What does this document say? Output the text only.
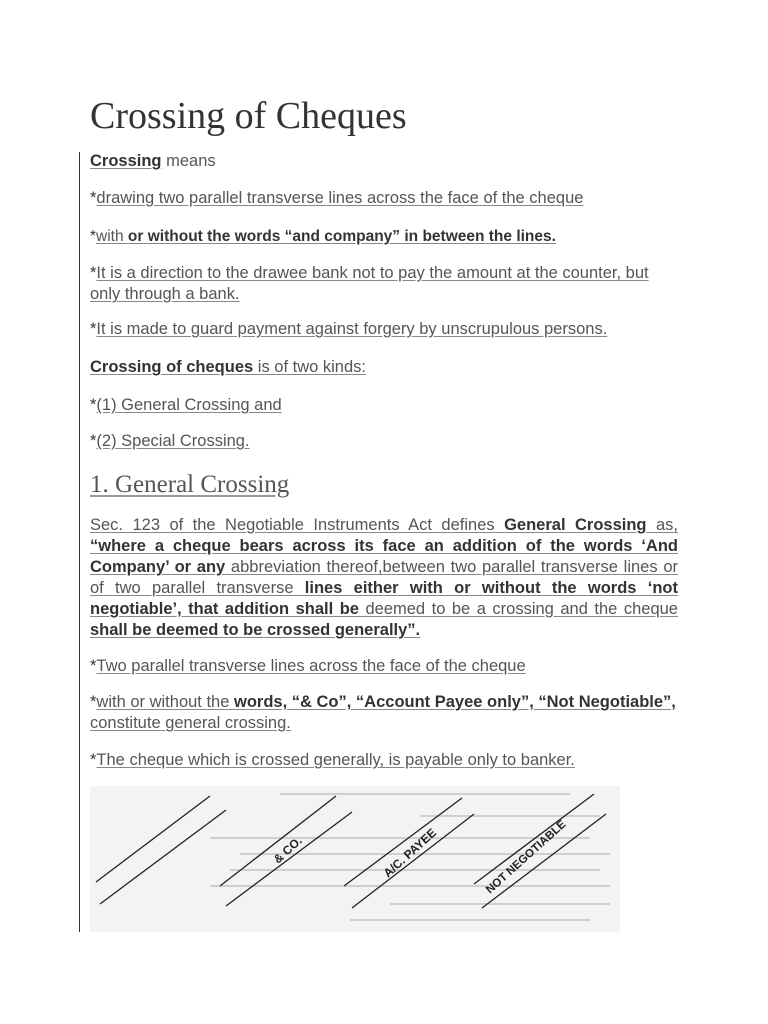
Crossing of Cheques

Crossing means

*drawing two parallel transverse lines across the face of the cheque

*with or without the words “and company” in between the lines.

*It is a direction to the drawee bank not to pay the amount at the counter, but only through a bank.

*It is made to guard payment against forgery by unscrupulous persons.

Crossing of cheques is of two kinds:

*(1) General Crossing and

*(2) Special Crossing.

1. General Crossing

Sec. 123 of the Negotiable Instruments Act defines General Crossing as, “where a cheque bears across its face an addition of the words ‘And Company’ or any abbreviation thereof,between two parallel transverse lines or of two parallel transverse lines either with or without the words ‘not negotiable’, that addition shall be deemed to be a crossing and the cheque shall be deemed to be crossed generally”.

*Two parallel transverse lines across the face of the cheque

*with or without the words, “& Co”, “Account Payee only”, “Not Negotiable”, constitute general crossing.

*The cheque which is crossed generally, is payable only to banker.

& CO.	A/C. PAYEE	NOT NEGOTIABLE
